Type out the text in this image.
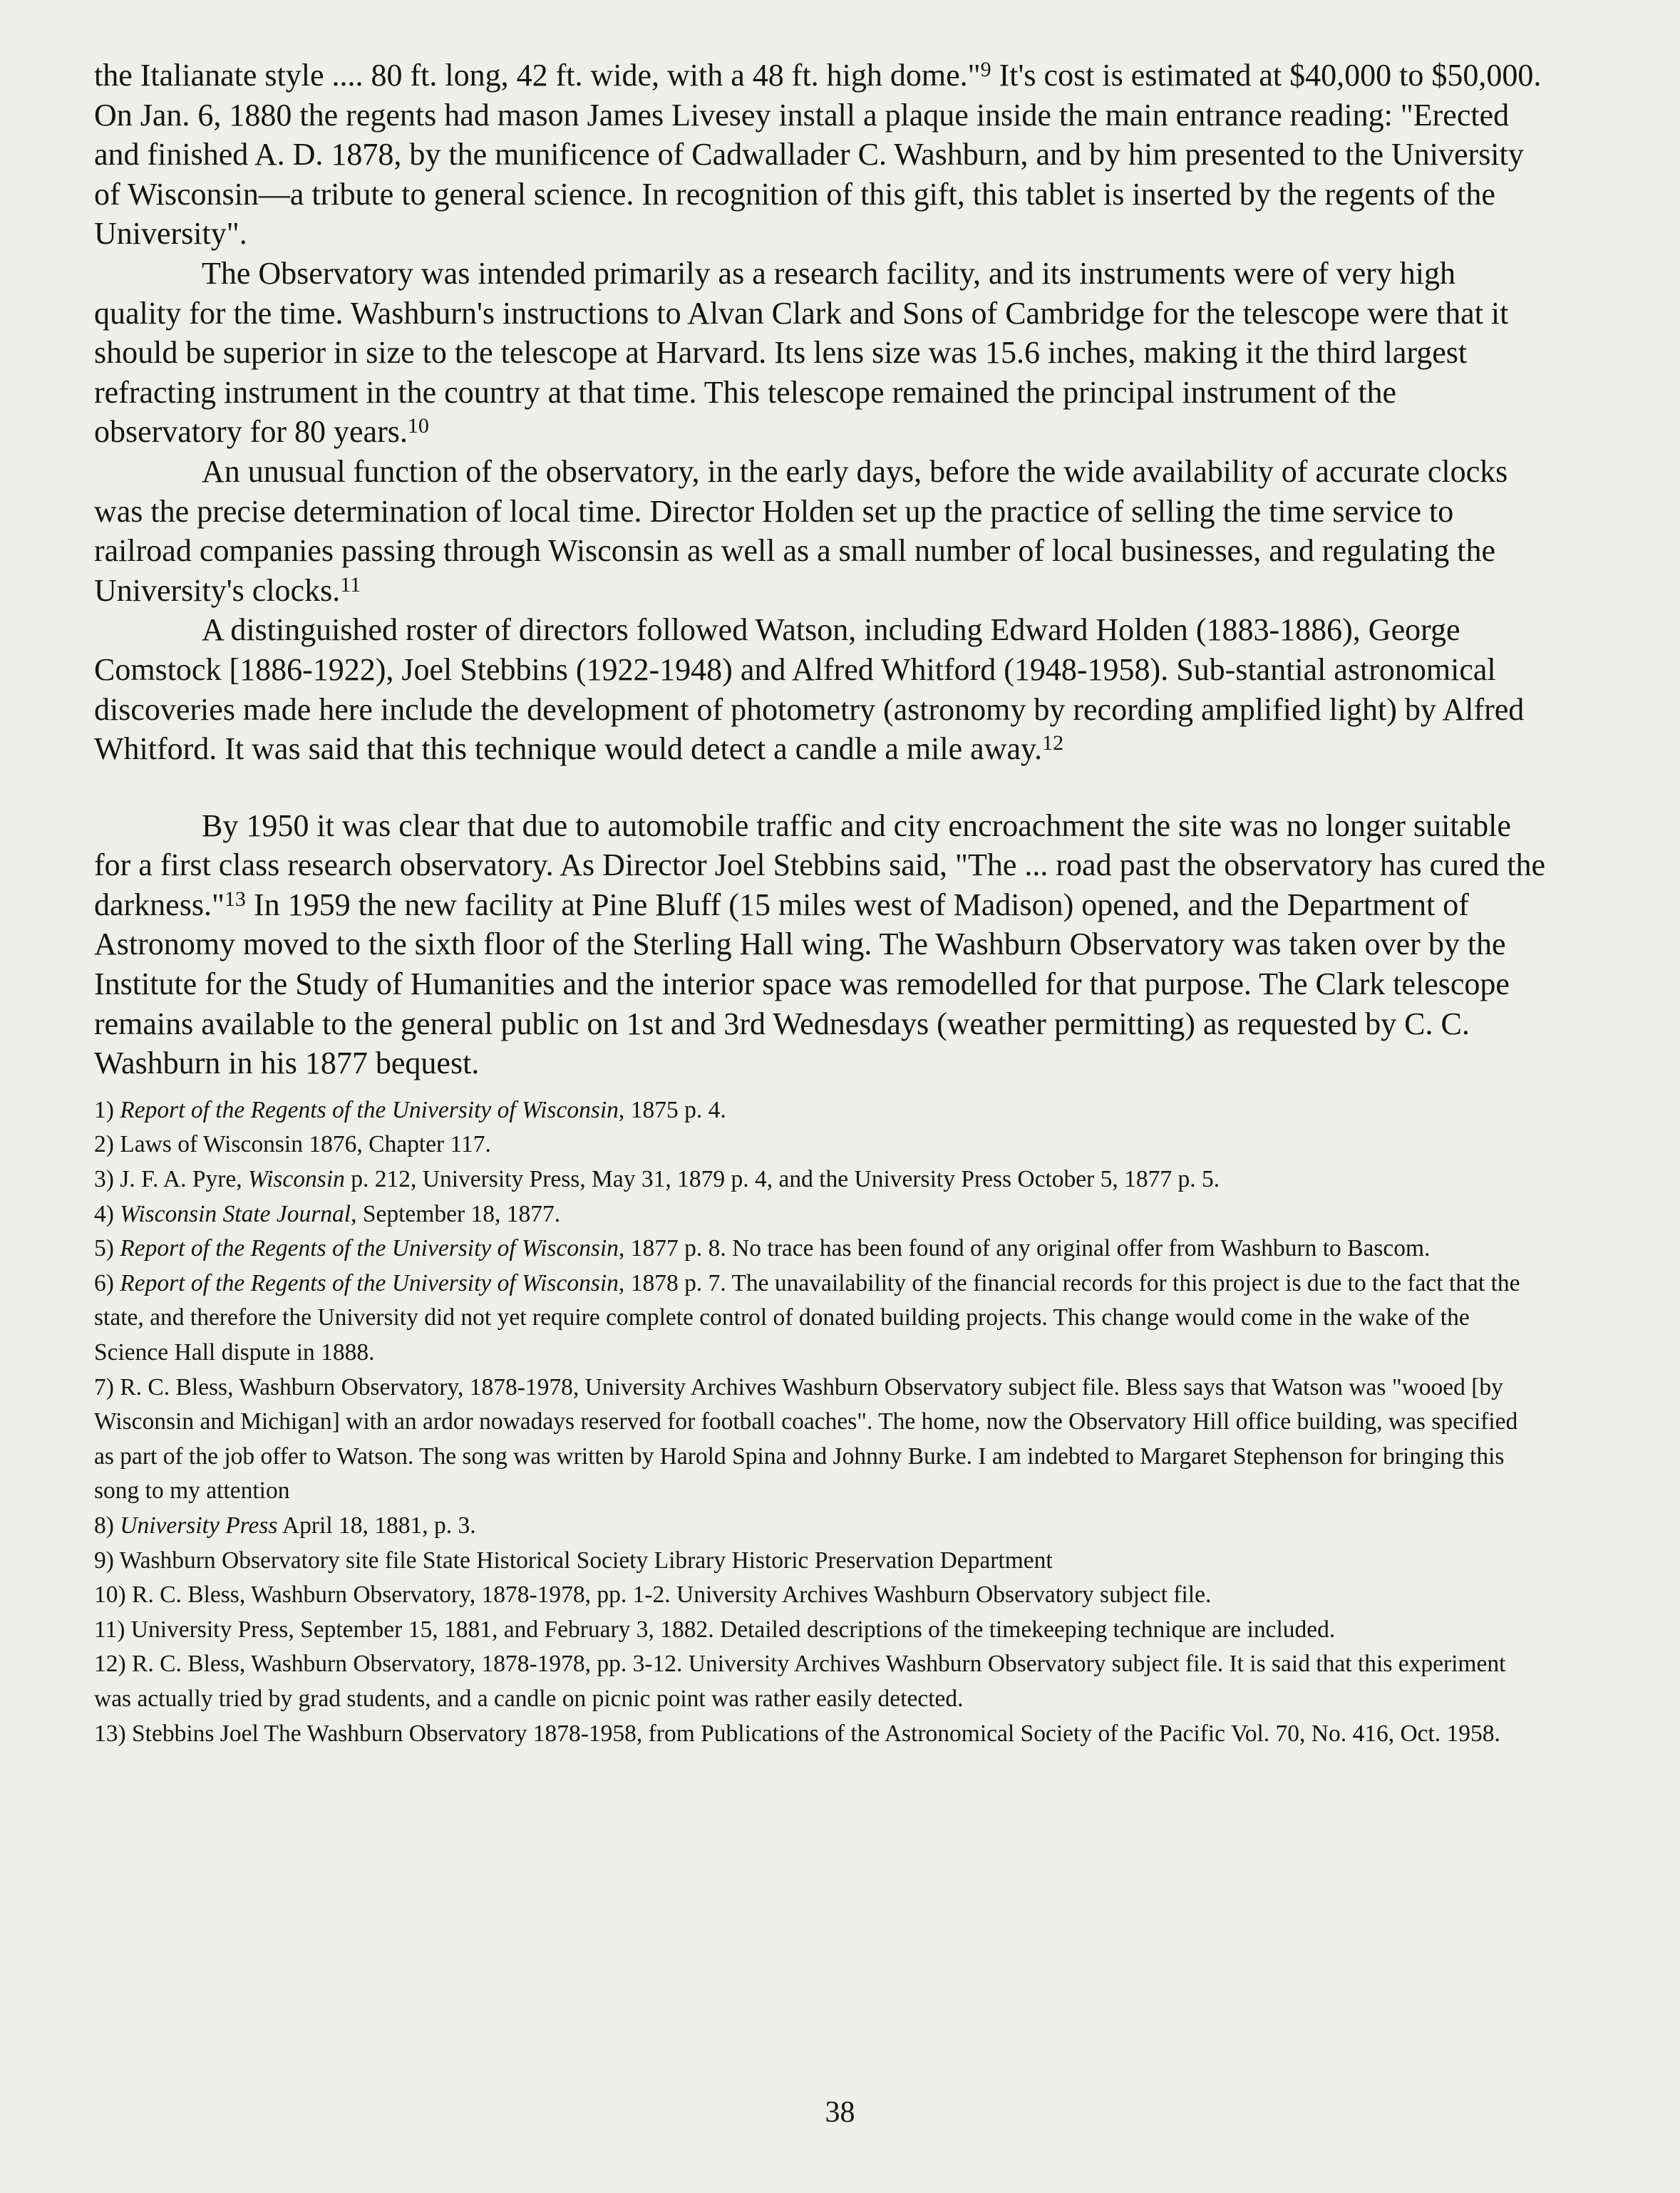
the Italianate style .... 80 ft. long, 42 ft. wide, with a 48 ft. high dome."$^9$ It's cost is estimated at $40,000 to $50,000. On Jan. 6, 1880 the regents had mason James Livesey install a plaque inside the main entrance reading: "Erected and finished A. D. 1878, by the munificence of Cadwallader C. Washburn, and by him presented to the University of Wisconsin—a tribute to general science. In recognition of this gift, this tablet is inserted by the regents of the University".

The Observatory was intended primarily as a research facility, and its instruments were of very high quality for the time. Washburn's instructions to Alvan Clark and Sons of Cambridge for the telescope were that it should be superior in size to the telescope at Harvard. Its lens size was 15.6 inches, making it the third largest refracting instrument in the country at that time. This telescope remained the principal instrument of the observatory for 80 years.$^{10}$

An unusual function of the observatory, in the early days, before the wide availability of accurate clocks was the precise determination of local time. Director Holden set up the practice of selling the time service to railroad companies passing through Wisconsin as well as a small number of local businesses, and regulating the University's clocks.$^{11}$

A distinguished roster of directors followed Watson, including Edward Holden (1883-1886), George Comstock [1886-1922), Joel Stebbins (1922-1948) and Alfred Whitford (1948-1958). Sub-stantial astronomical discoveries made here include the development of photometry (astronomy by recording amplified light) by Alfred Whitford. It was said that this technique would detect a candle a mile away.$^{12}$

By 1950 it was clear that due to automobile traffic and city encroachment the site was no longer suitable for a first class research observatory. As Director Joel Stebbins said, "The ... road past the observatory has cured the darkness."$^{13}$ In 1959 the new facility at Pine Bluff (15 miles west of Madison) opened, and the Department of Astronomy moved to the sixth floor of the Sterling Hall wing. The Washburn Observatory was taken over by the Institute for the Study of Humanities and the interior space was remodelled for that purpose. The Clark telescope remains available to the general public on 1st and 3rd Wednesdays (weather permitting) as requested by C. C. Washburn in his 1877 bequest.

1) Report of the Regents of the University of Wisconsin, 1875 p. 4.

2) Laws of Wisconsin 1876, Chapter 117.

3) J. F. A. Pyre, Wisconsin p. 212, University Press, May 31, 1879 p. 4, and the University Press October 5, 1877 p. 5.

4) Wisconsin State Journal, September 18, 1877.

5) Report of the Regents of the University of Wisconsin, 1877 p. 8. No trace has been found of any original offer from Washburn to Bascom.

6) Report of the Regents of the University of Wisconsin, 1878 p. 7. The unavailability of the financial records for this project is due to the fact that the state, and therefore the University did not yet require complete control of donated building projects. This change would come in the wake of the Science Hall dispute in 1888.

7) R. C. Bless, Washburn Observatory, 1878-1978, University Archives Washburn Observatory subject file. Bless says that Watson was "wooed [by Wisconsin and Michigan] with an ardor nowadays reserved for football coaches". The home, now the Observatory Hill office building, was specified as part of the job offer to Watson. The song was written by Harold Spina and Johnny Burke. I am indebted to Margaret Stephenson for bringing this song to my attention

8) University Press April 18, 1881, p. 3.

9) Washburn Observatory site file State Historical Society Library Historic Preservation Department

10) R. C. Bless, Washburn Observatory, 1878-1978, pp. 1-2. University Archives Washburn Observatory subject file.

11) University Press, September 15, 1881, and February 3, 1882. Detailed descriptions of the timekeeping technique are included.

12) R. C. Bless, Washburn Observatory, 1878-1978, pp. 3-12. University Archives Washburn Observatory subject file. It is said that this experiment was actually tried by grad students, and a candle on picnic point was rather easily detected.

13) Stebbins Joel The Washburn Observatory 1878-1958, from Publications of the Astronomical Society of the Pacific Vol. 70, No. 416, Oct. 1958.

38
